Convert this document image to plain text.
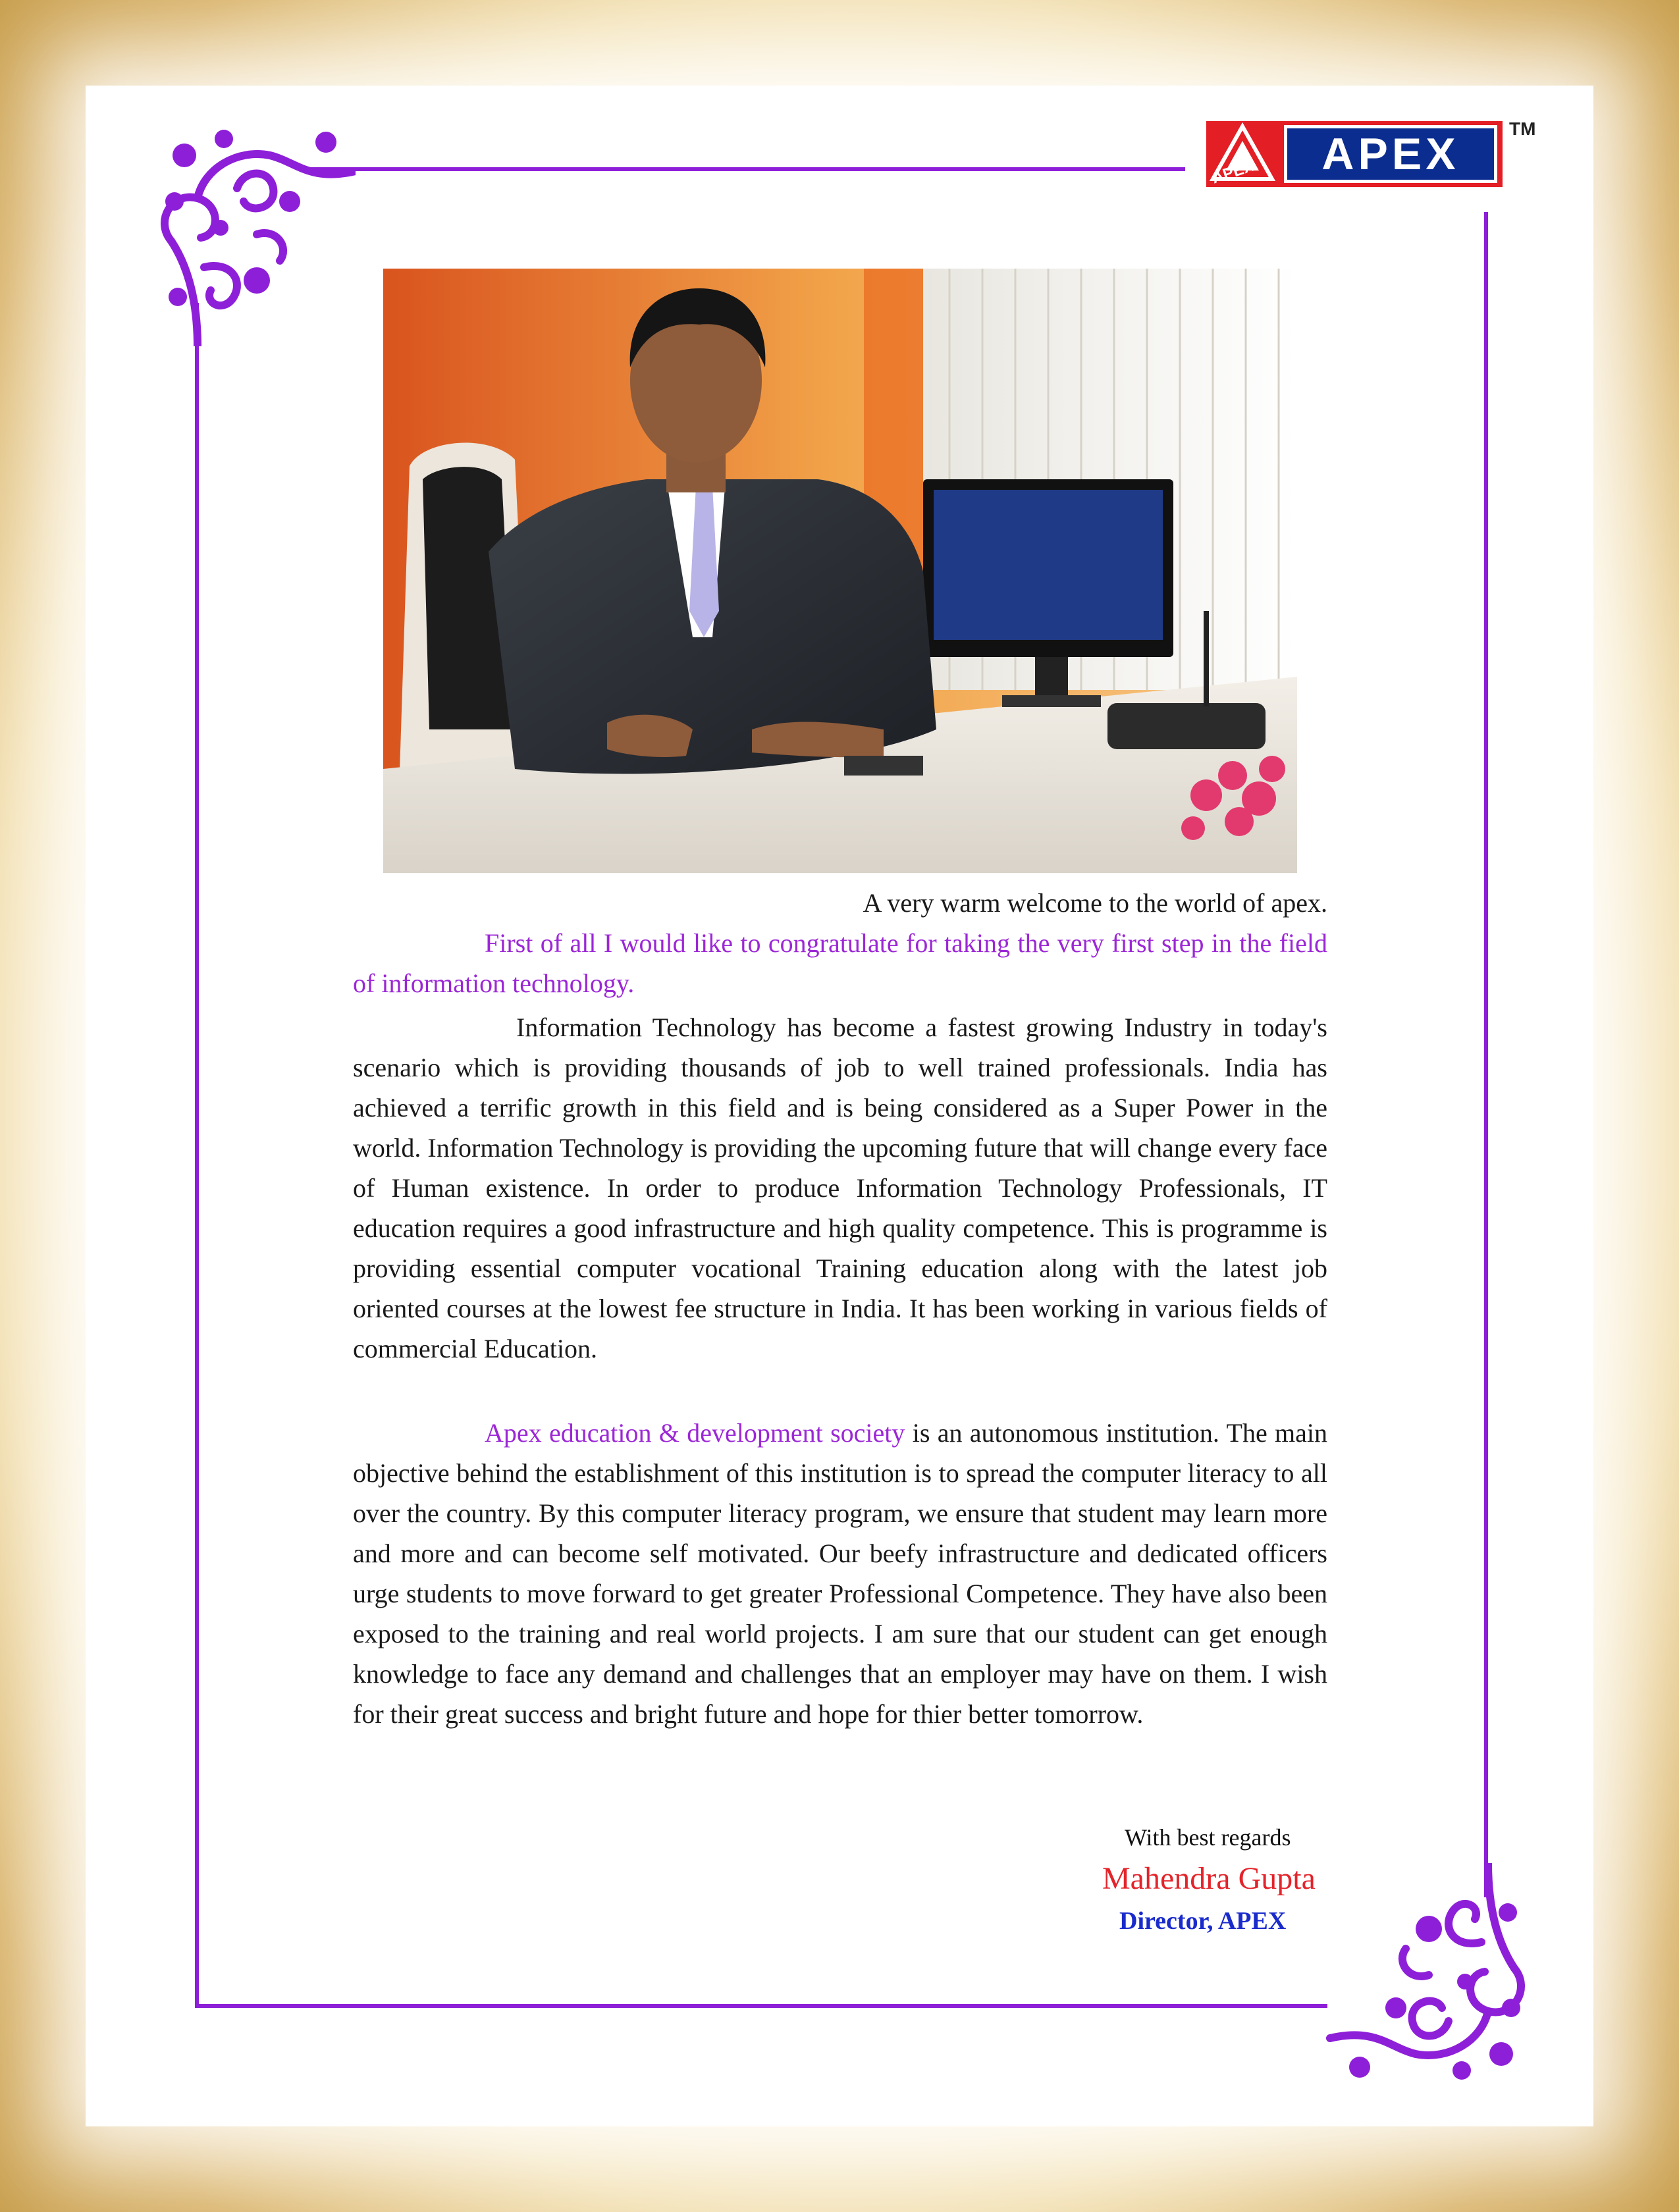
APEX	APEX
TM
A very warm welcome to the world of apex.
First of all I would like to congratulate for taking the very first step in the field of information technology.
Information Technology has become a fastest growing Industry in today's scenario which is providing thousands of job to well trained professionals. India has achieved a terrific growth in this field and is being considered as a Super Power in the world. Information Technology is providing the upcoming future that will change every face of Human existence. In order to produce Information Technology Professionals, IT education requires a good infrastructure and high quality competence. This is programme is providing essential computer vocational Training education along with the latest job oriented courses at the lowest fee structure in India. It has been working in various fields of commercial Education.
Apex education & development society is an autonomous institution. The main objective behind the establishment of this institution is to spread the computer literacy to all over the country. By this computer literacy program, we ensure that student may learn more and more and can become self motivated. Our beefy infrastructure and dedicated officers urge students to move forward to get greater Professional Competence. They have also been exposed to the training and real world projects. I am sure that our student can get enough knowledge to face any demand and challenges that an employer may have on them. I wish for their great success and bright future and hope for thier better tomorrow.
With best regards
Mahendra Gupta
Director, APEX
